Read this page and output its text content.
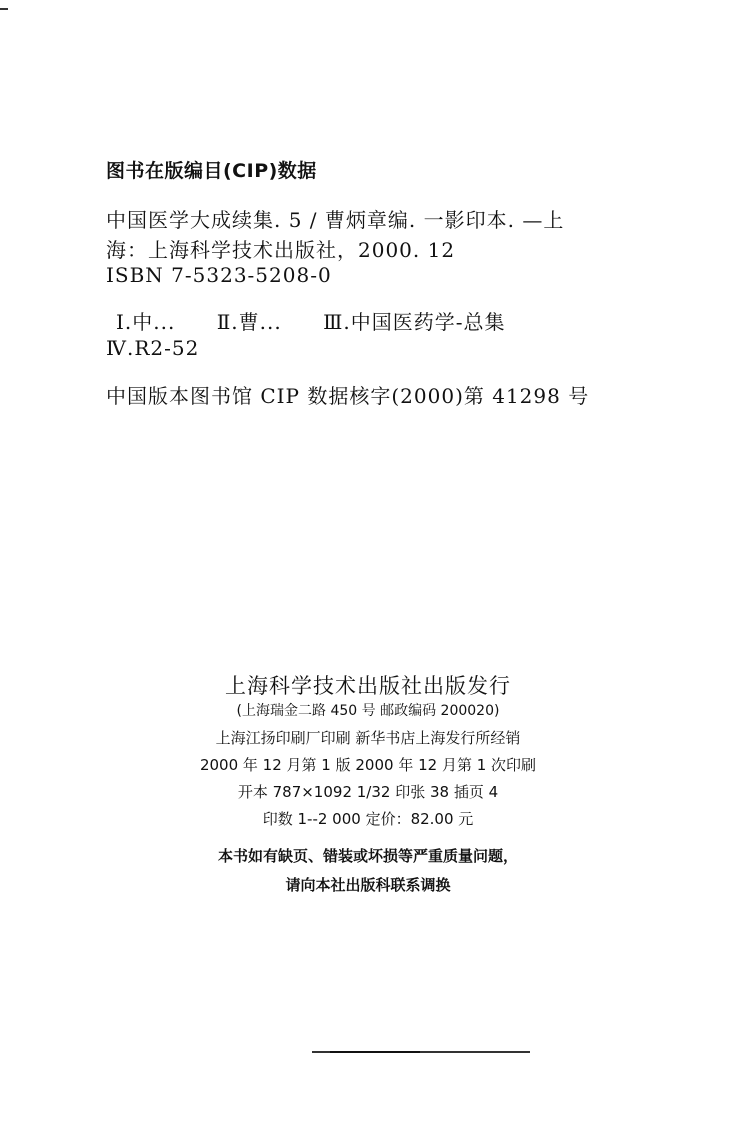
图书在版编目(CIP)数据
中国医学大成续集. 5 / 曹炳章编. 一影印本. —上
海：上海科学技术出版社，2000. 12
ISBN 7-5323-5208-0
Ⅰ.中... Ⅱ.曹... Ⅲ.中国医药学-总集
Ⅳ.R2-52
中国版本图书馆 CIP 数据核字(2000)第 41298 号
上海科学技术出版社出版发行
(上海瑞金二路 450 号 邮政编码 200020)
上海江扬印刷厂印刷 新华书店上海发行所经销
2000 年 12 月第 1 版 2000 年 12 月第 1 次印刷
开本 787×1092 1/32 印张 38 插页 4
印数 1--2 000 定价：82.00 元
本书如有缺页、错装或坏损等严重质量问题，
请向本社出版科联系调换
